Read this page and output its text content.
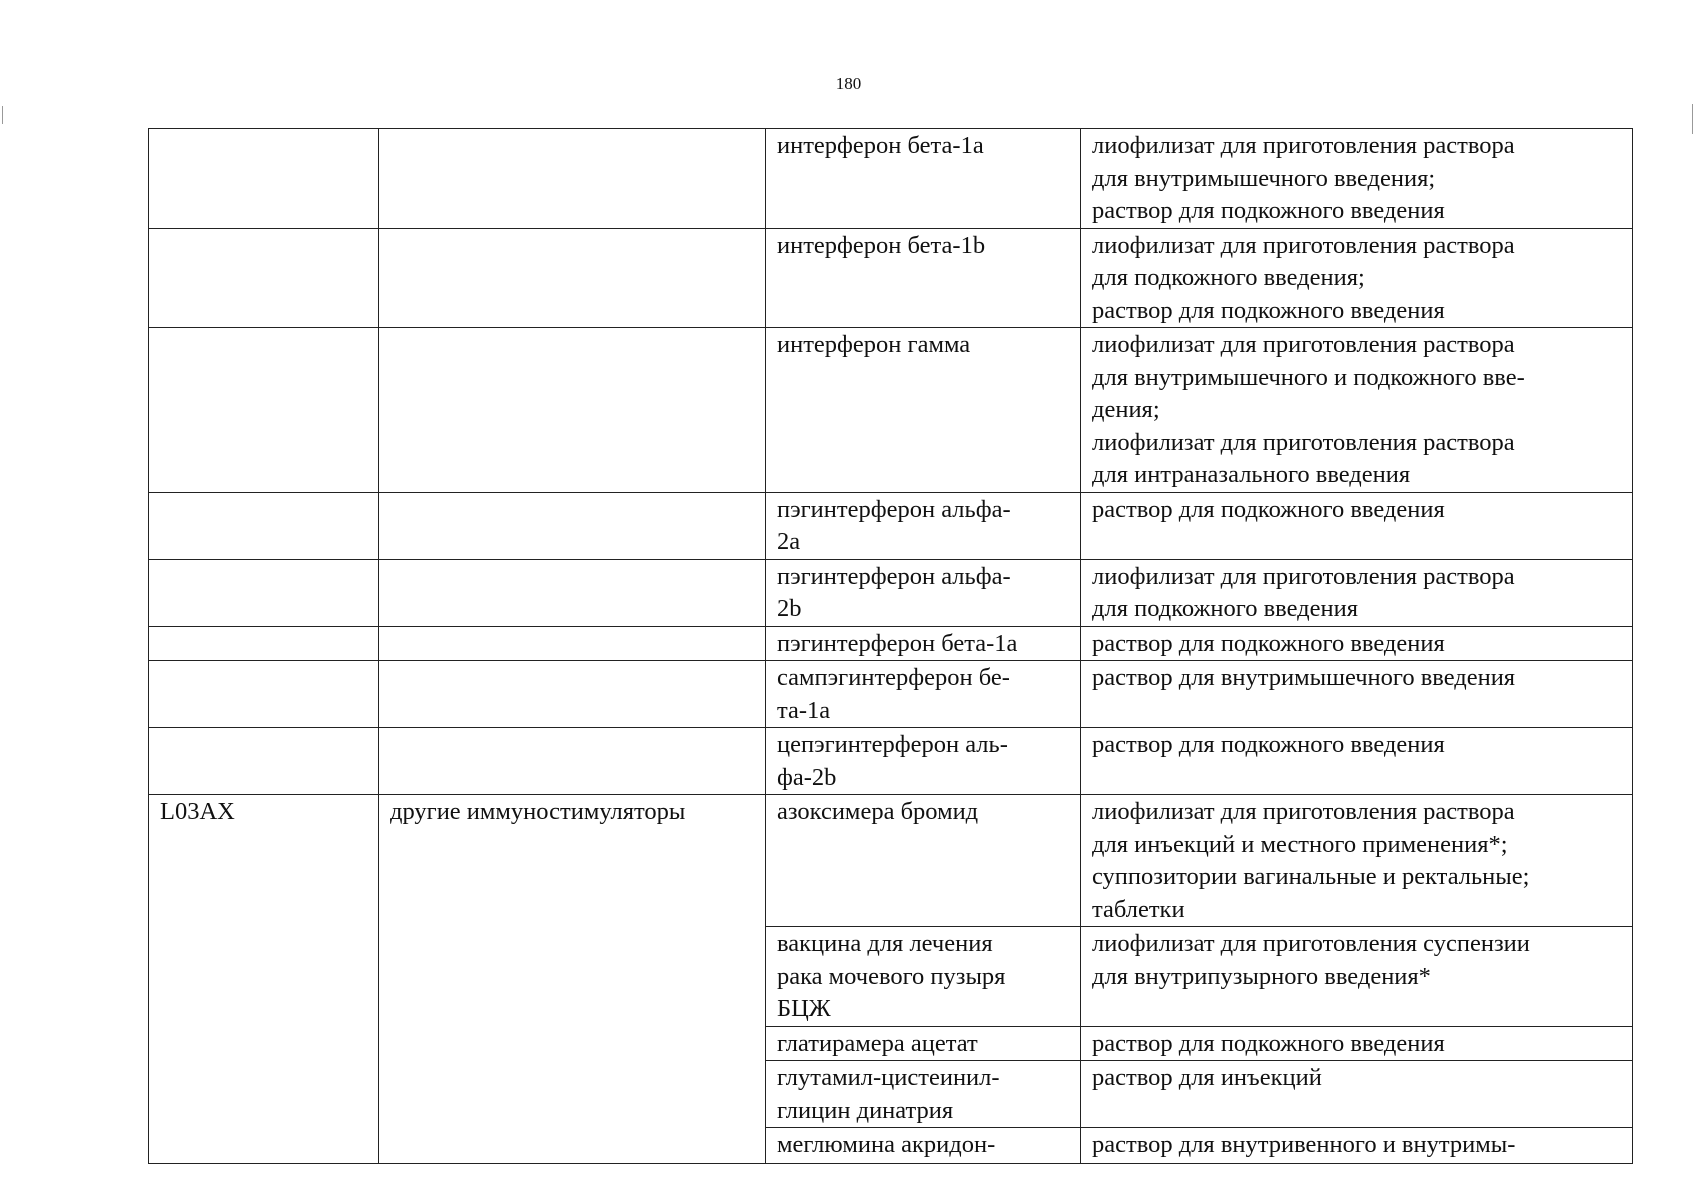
180
		интерферон бета-1a	лиофилизат для приготовления раствора
для внутримышечного введения;
раствор для подкожного введения
		интерферон бета-1b	лиофилизат для приготовления раствора
для подкожного введения;
раствор для подкожного введения
		интерферон гамма	лиофилизат для приготовления раствора
для внутримышечного и подкожного вве-
дения;
лиофилизат для приготовления раствора
для интраназального введения
		пэгинтерферон альфа-
2a	раствор для подкожного введения
		пэгинтерферон альфа-
2b	лиофилизат для приготовления раствора
для подкожного введения
		пэгинтерферон бета-1a	раствор для подкожного введения
		сампэгинтерферон бе-
та-1a	раствор для внутримышечного введения
		цепэгинтерферон аль-
фа-2b	раствор для подкожного введения
L03AX	другие иммуностимуляторы	азоксимера бромид	лиофилизат для приготовления раствора
для инъекций и местного применения*;
суппозитории вагинальные и ректальные;
таблетки
		вакцина для лечения
рака мочевого пузыря
БЦЖ	лиофилизат для приготовления суспензии
для внутрипузырного введения*
		глатирамера ацетат	раствор для подкожного введения
		глутамил-цистеинил-
глицин динатрия	раствор для инъекций
		меглюмина акридон-	раствор для внутривенного и внутримы-
